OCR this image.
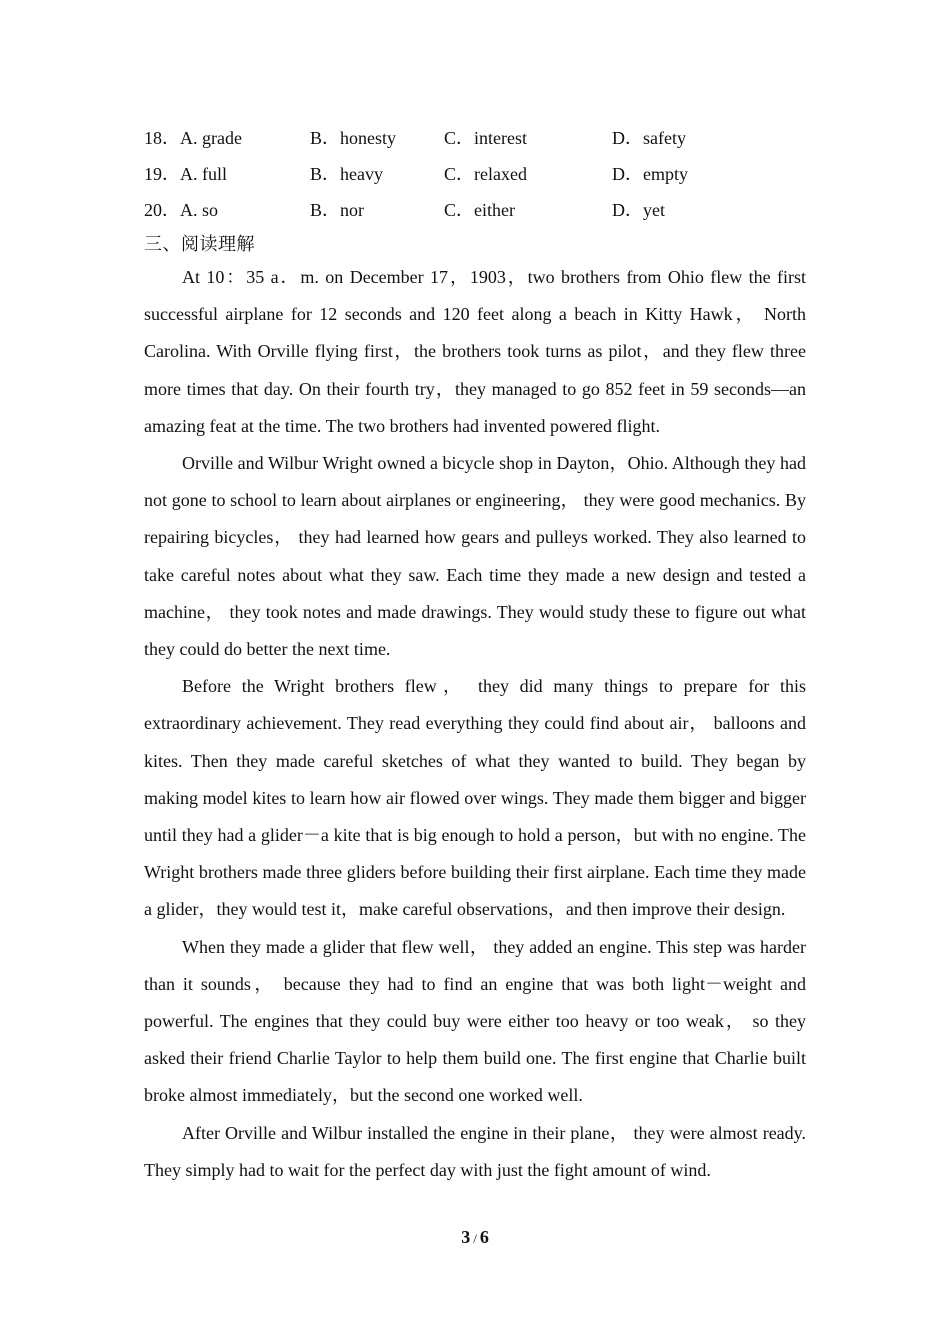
18．A. grade	B．honesty	C．interest	D．safety
19．A. full	B．heavy	C．relaxed	D．empty
20．A. so	B．nor	C．either	D．yet
三、阅读理解

At 10：35 a．m. on December 17，1903，two brothers from Ohio flew the first successful airplane for 12 seconds and 120 feet along a beach in Kitty Hawk， North Carolina. With Orville flying first，the brothers took turns as pilot，and they flew three more times that day. On their fourth try，they managed to go 852 feet in 59 seconds—an amazing feat at the time. The two brothers had invented powered flight.

Orville and Wilbur Wright owned a bicycle shop in Dayton，Ohio. Although they had not gone to school to learn about airplanes or engineering， they were good mechanics. By repairing bicycles， they had learned how gears and pulleys worked. They also learned to take careful notes about what they saw. Each time they made a new design and tested a machine， they took notes and made drawings. They would study these to figure out what they could do better the next time.

Before the Wright brothers flew， they did many things to prepare for this extraordinary achievement. They read everything they could find about air， balloons and kites. Then they made careful sketches of what they wanted to build. They began by making model kites to learn how air flowed over wings. They made them bigger and bigger until they had a glider－a kite that is big enough to hold a person，but with no engine. The Wright brothers made three gliders before building their first airplane. Each time they made a glider，they would test it，make careful observations，and then improve their design.

When they made a glider that flew well， they added an engine. This step was harder than it sounds， because they had to find an engine that was both light－weight and powerful. The engines that they could buy were either too heavy or too weak， so they asked their friend Charlie Taylor to help them build one. The first engine that Charlie built broke almost immediately，but the second one worked well.

After Orville and Wilbur installed the engine in their plane， they were almost ready. They simply had to wait for the perfect day with just the fight amount of wind.

3 / 6
